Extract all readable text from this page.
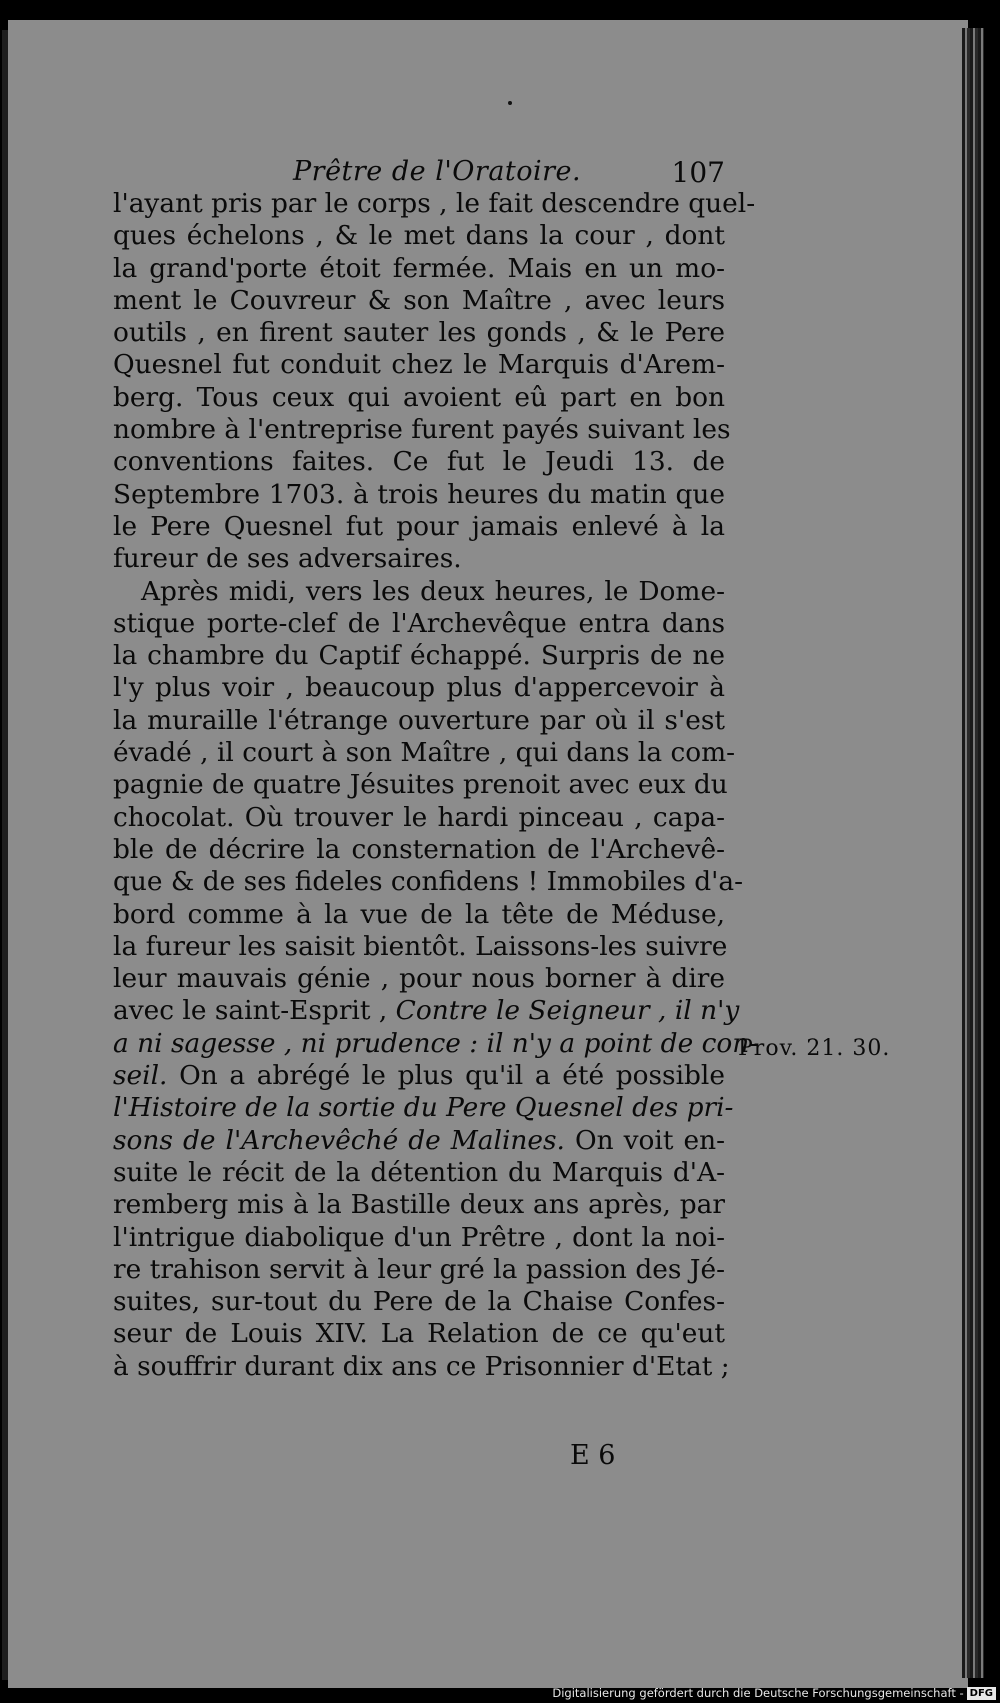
Prêtre de l'Oratoire.	107
l'ayant pris par le corps , le fait descendre quel-
ques échelons , & le met dans la cour , dont
la grand'porte étoit fermée. Mais en un mo-
ment le Couvreur & son Maître , avec leurs
outils , en firent sauter les gonds , & le Pere
Quesnel fut conduit chez le Marquis d'Arem-
berg. Tous ceux qui avoient eû part en bon
nombre à l'entreprise furent payés suivant les
conventions faites. Ce fut le Jeudi 13. de
Septembre 1703. à trois heures du matin que
le Pere Quesnel fut pour jamais enlevé à la
fureur de ses adversaires.
Après midi, vers les deux heures, le Dome-
stique porte-clef de l'Archevêque entra dans
la chambre du Captif échappé. Surpris de ne
l'y plus voir , beaucoup plus d'appercevoir à
la muraille l'étrange ouverture par où il s'est
évadé , il court à son Maître , qui dans la com-
pagnie de quatre Jésuites prenoit avec eux du
chocolat. Où trouver le hardi pinceau , capa-
ble de décrire la consternation de l'Archevê-
que & de ses fideles confidens ! Immobiles d'a-
bord comme à la vue de la tête de Méduse,
la fureur les saisit bientôt. Laissons-les suivre
leur mauvais génie , pour nous borner à dire
avec le saint-Esprit , Contre le Seigneur , il n'y
a ni sagesse , ni prudence : il n'y a point de con-
seil. On a abrégé le plus qu'il a été possible
l'Histoire de la sortie du Pere Quesnel des pri-
sons de l'Archevêché de Malines. On voit en-
suite le récit de la détention du Marquis d'A-
remberg mis à la Bastille deux ans après, par
l'intrigue diabolique d'un Prêtre , dont la noi-
re trahison servit à leur gré la passion des Jé-
suites, sur-tout du Pere de la Chaise Confes-
seur de Louis XIV. La Relation de ce qu'eut
à souffrir durant dix ans ce Prisonnier d'Etat ;
Prov. 21. 30.
E 6
Digitalisierung gefördert durch die Deutsche Forschungsgemeinschaft - DFG
